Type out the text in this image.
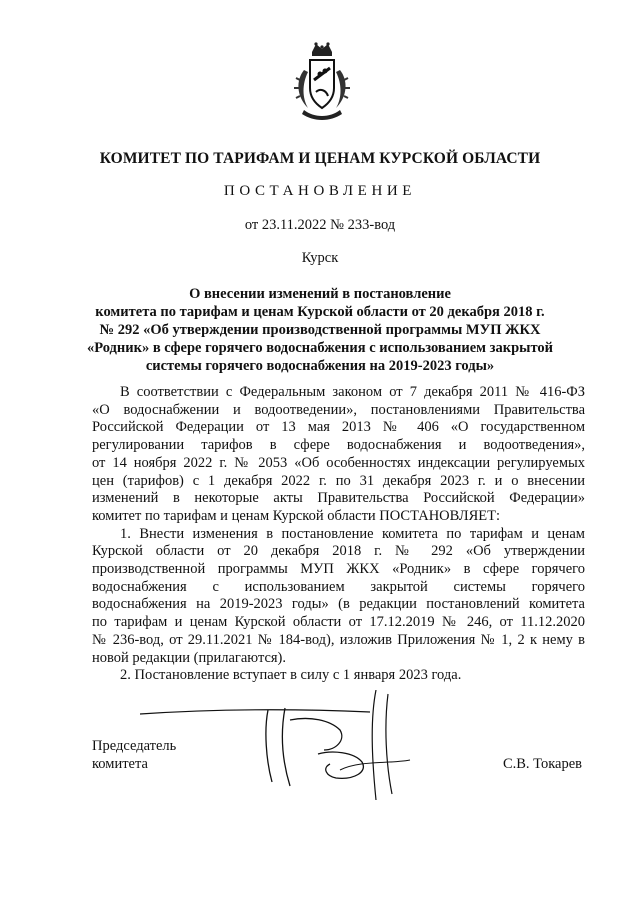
КОМИТЕТ ПО ТАРИФАМ И ЦЕНАМ КУРСКОЙ ОБЛАСТИ
ПОСТАНОВЛЕНИЕ
от 23.11.2022 № 233-вод
Курск
О внесении изменений в постановление
комитета по тарифам и ценам Курской области от 20 декабря 2018 г.
№ 292 «Об утверждении производственной программы МУП ЖКХ
«Родник» в сфере горячего водоснабжения с использованием закрытой
системы горячего водоснабжения на 2019-2023 годы»
В соответствии с Федеральным законом от 7 декабря 2011 № 416-ФЗ
«О водоснабжении и водоотведении», постановлениями Правительства
Российской Федерации от 13 мая 2013 № 406 «О государственном
регулировании тарифов в сфере водоснабжения и водоотведения»,
от 14 ноября 2022 г. № 2053 «Об особенностях индексации регулируемых
цен (тарифов) с 1 декабря 2022 г. по 31 декабря 2023 г. и о внесении
изменений в некоторые акты Правительства Российской Федерации»
комитет по тарифам и ценам Курской области ПОСТАНОВЛЯЕТ:
1. Внести изменения в постановление комитета по тарифам и ценам
Курской области от 20 декабря 2018 г. № 292 «Об утверждении
производственной программы МУП ЖКХ «Родник» в сфере горячего
водоснабжения с использованием закрытой системы горячего
водоснабжения на 2019-2023 годы» (в редакции постановлений комитета
по тарифам и ценам Курской области от 17.12.2019 № 246, от 11.12.2020
№ 236-вод, от 29.11.2021 № 184-вод), изложив Приложения № 1, 2 к нему в
новой редакции (прилагаются).
2. Постановление вступает в силу с 1 января 2023 года.
Председатель
комитета	С.В. Токарев
